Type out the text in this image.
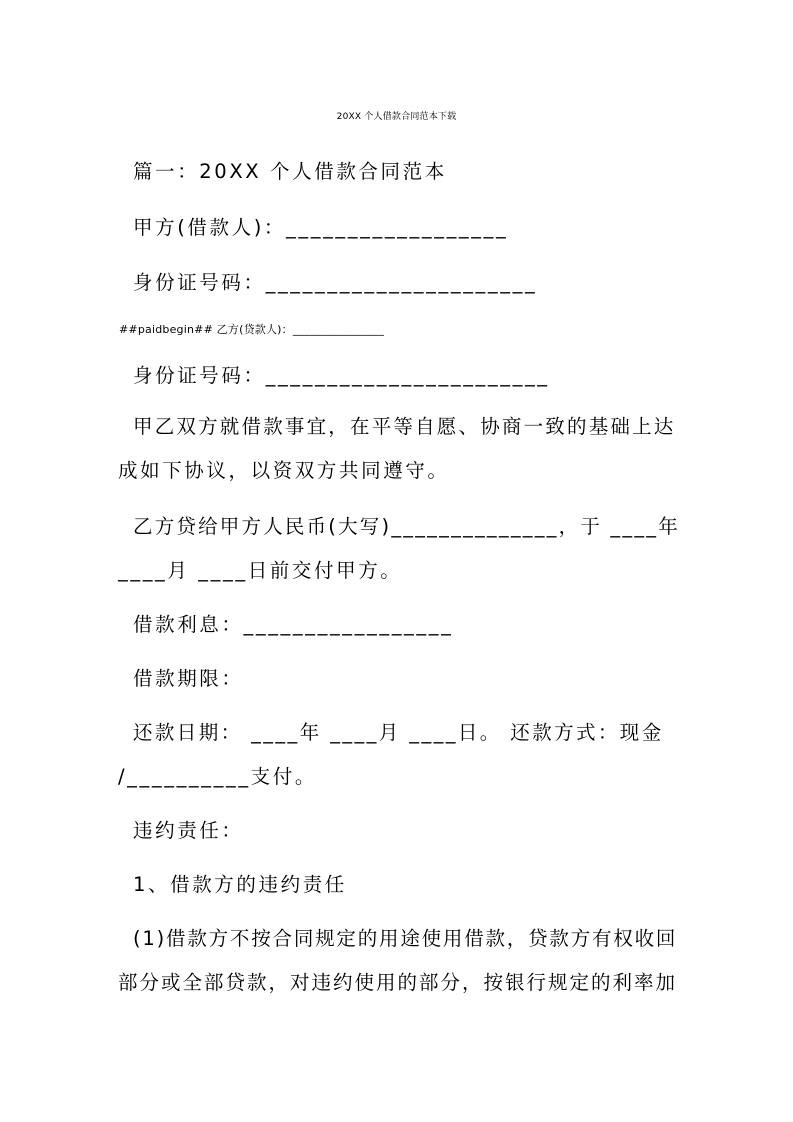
20XX 个人借款合同范本下载
篇一：20XX 个人借款合同范本
甲方(借款人)：__________________
身份证号码：______________________
##paidbegin## 乙方(贷款人)：________________
身份证号码：_______________________
甲乙双方就借款事宜，在平等自愿、协商一致的基础上达
成如下协议，以资双方共同遵守。
乙方贷给甲方人民币(大写)______________，于 ____年
____月 ____日前交付甲方。
借款利息：_________________
借款期限：
还款日期： ____年 ____月 ____日。 还款方式：现金
/__________支付。
违约责任：
1、借款方的违约责任
(1)借款方不按合同规定的用途使用借款，贷款方有权收回
部分或全部贷款，对违约使用的部分，按银行规定的利率加
